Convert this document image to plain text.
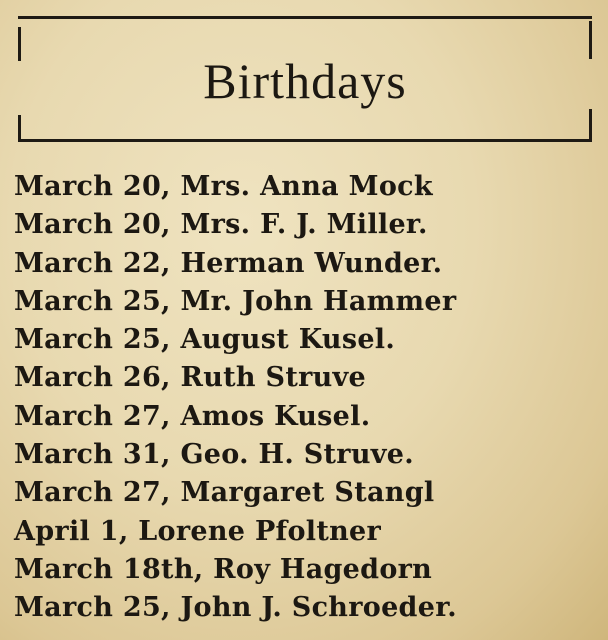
Birthdays
March 20, Mrs. Anna Mock
March 20, Mrs. F. J. Miller.
March 22, Herman Wunder.
March 25, Mr. John Hammer
March 25, August Kusel.
March 26, Ruth Struve
March 27, Amos Kusel.
March 31, Geo. H. Struve.
March 27, Margaret Stangl
April 1, Lorene Pfoltner
March 18th, Roy Hagedorn
March 25, John J. Schroeder.
